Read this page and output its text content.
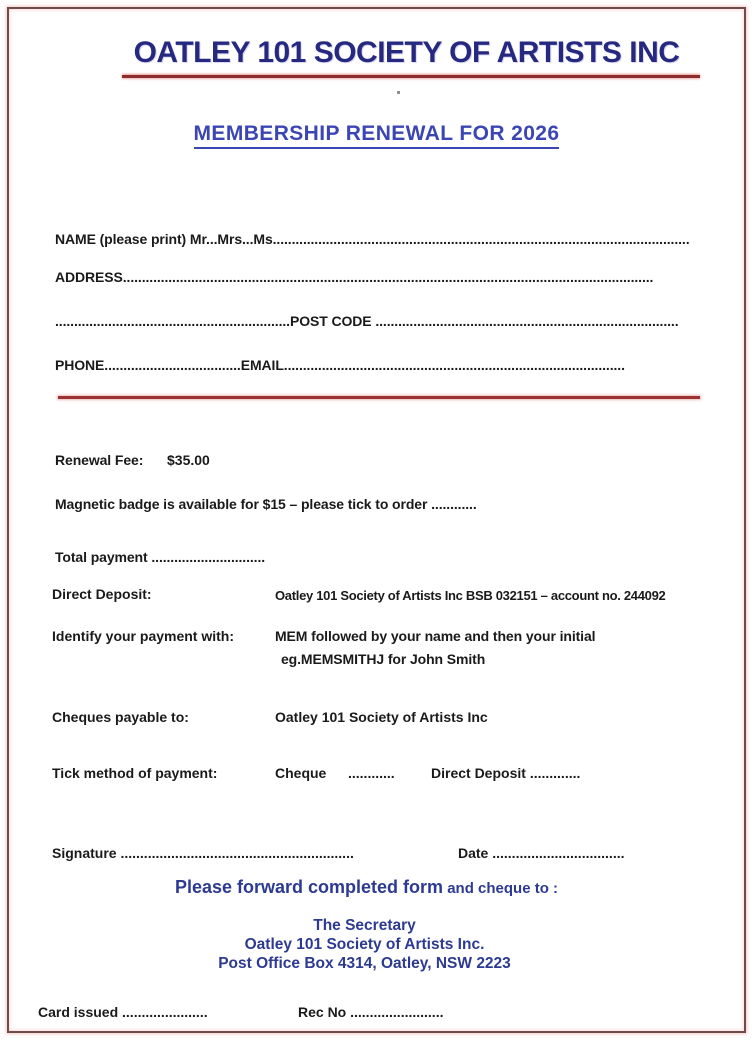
OATLEY 101 SOCIETY OF ARTISTS INC
MEMBERSHIP RENEWAL FOR 2026
NAME (please print) Mr...Mrs...Ms..............................................................................................................
ADDRESS............................................................................................................................................
..............................................................POST CODE ................................................................................
PHONE....................................EMAIL..........................................................................................
Renewal Fee:	$35.00
Magnetic badge is available for $15 – please tick to order ............
Total payment ..............................
Direct Deposit:	Oatley 101 Society of Artists Inc BSB 032151 – account no. 244092
Identify your payment with:	MEM followed by your name and then your initial
eg.MEMSMITHJ for John Smith
Cheques payable to:	Oatley 101 Society of Artists Inc
Tick method of payment:	Cheque ............	Direct Deposit .............
Signature ............................................................	Date ..................................
Please forward completed form and cheque to :
The Secretary
Oatley 101 Society of Artists Inc.
Post Office Box 4314, Oatley, NSW 2223
Card issued ......................	Rec No ........................
